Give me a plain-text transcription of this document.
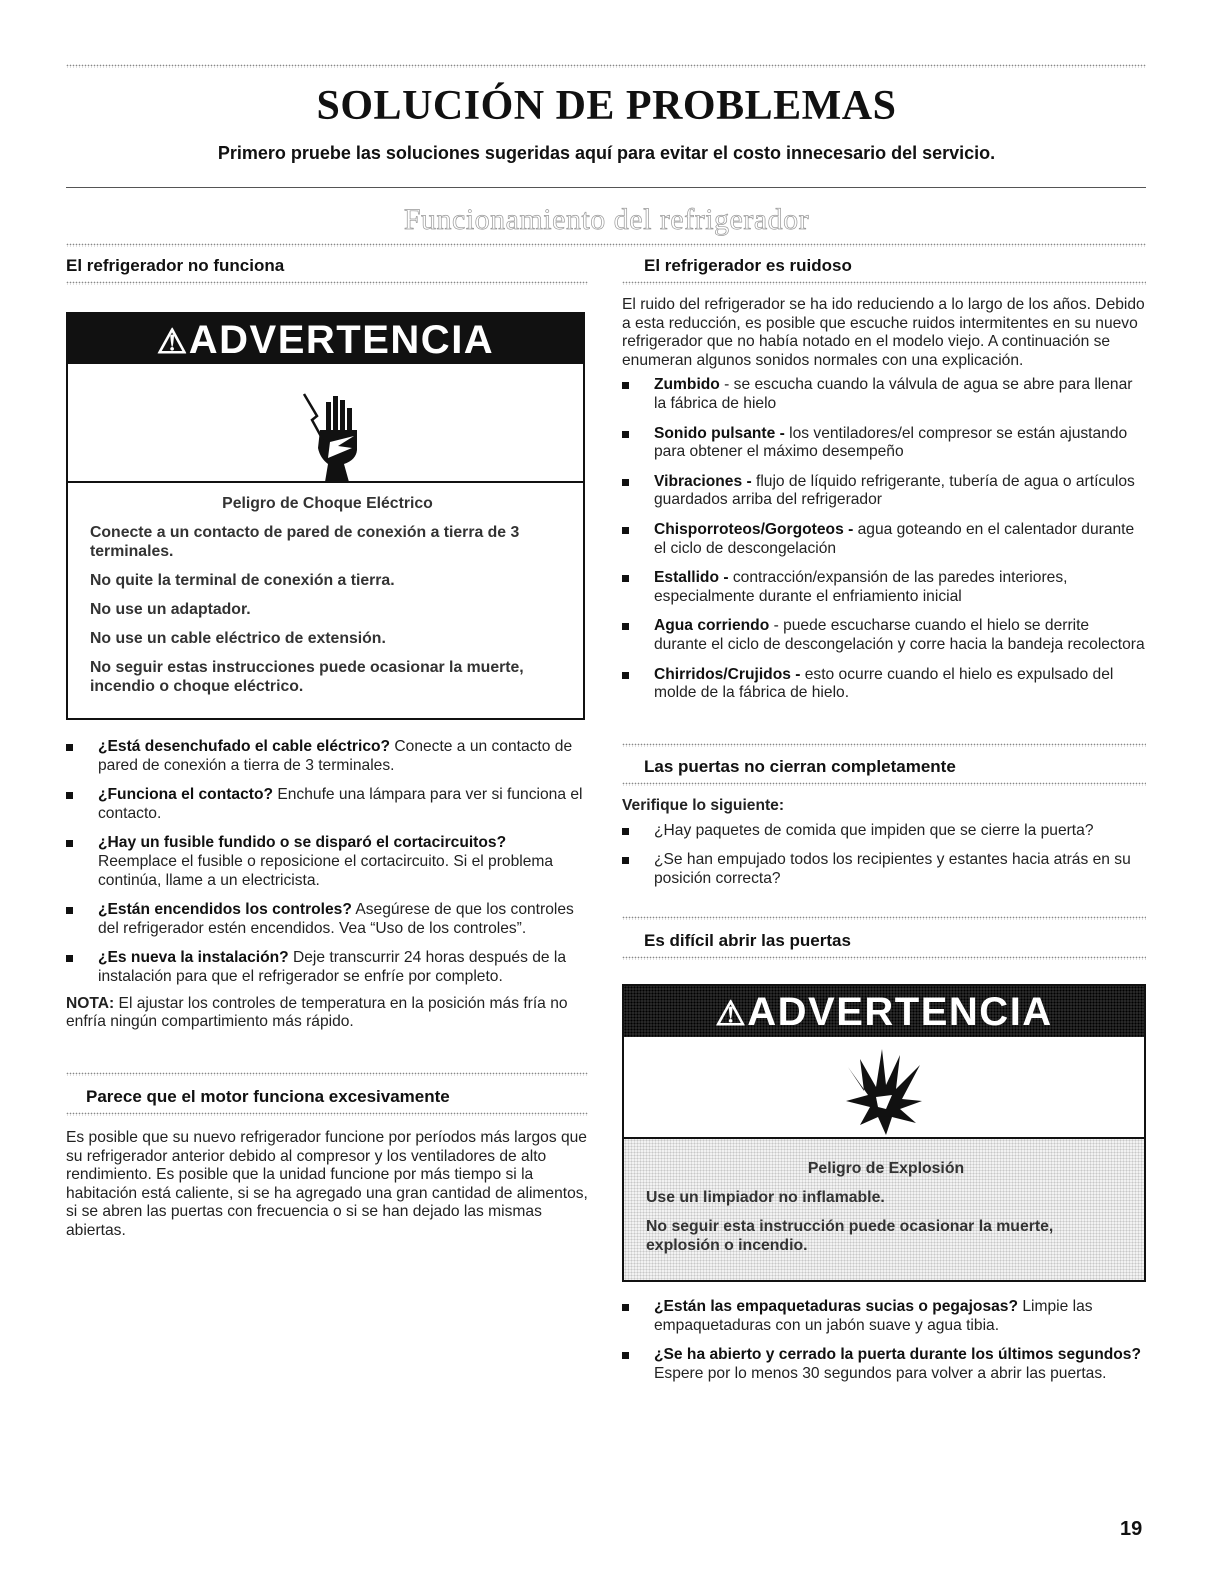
SOLUCIÓN DE PROBLEMAS
Primero pruebe las soluciones sugeridas aquí para evitar el costo innecesario del servicio.
Funcionamiento del refrigerador
El refrigerador no funciona
⚠ADVERTENCIA

Peligro de Choque Eléctrico

Conecte a un contacto de pared de conexión a tierra de 3 terminales.

No quite la terminal de conexión a tierra.

No use un adaptador.

No use un cable eléctrico de extensión.

No seguir estas instrucciones puede ocasionar la muerte, incendio o choque eléctrico.

¿Está desenchufado el cable eléctrico? Conecte a un contacto de pared de conexión a tierra de 3 terminales.
¿Funciona el contacto? Enchufe una lámpara para ver si funciona el contacto.
¿Hay un fusible fundido o se disparó el cortacircuitos? Reemplace el fusible o reposicione el cortacircuito. Si el problema continúa, llame a un electricista.
¿Están encendidos los controles? Asegúrese de que los controles del refrigerador estén encendidos. Vea “Uso de los controles”.
¿Es nueva la instalación? Deje transcurrir 24 horas después de la instalación para que el refrigerador se enfríe por completo.

NOTA: El ajustar los controles de temperatura en la posición más fría no enfría ningún compartimiento más rápido.

Parece que el motor funciona excesivamente

Es posible que su nuevo refrigerador funcione por períodos más largos que su refrigerador anterior debido al compresor y los ventiladores de alto rendimiento. Es posible que la unidad funcione por más tiempo si la habitación está caliente, si se ha agregado una gran cantidad de alimentos, si se abren las puertas con frecuencia o si se han dejado las mismas abiertas.

El refrigerador es ruidoso

El ruido del refrigerador se ha ido reduciendo a lo largo de los años. Debido a esta reducción, es posible que escuche ruidos intermitentes en su nuevo refrigerador que no había notado en el modelo viejo. A continuación se enumeran algunos sonidos normales con una explicación.

Zumbido - se escucha cuando la válvula de agua se abre para llenar la fábrica de hielo
Sonido pulsante - los ventiladores/el compresor se están ajustando para obtener el máximo desempeño
Vibraciones - flujo de líquido refrigerante, tubería de agua o artículos guardados arriba del refrigerador
Chisporroteos/Gorgoteos - agua goteando en el calentador durante el ciclo de descongelación
Estallido - contracción/expansión de las paredes interiores, especialmente durante el enfriamiento inicial
Agua corriendo - puede escucharse cuando el hielo se derrite durante el ciclo de descongelación y corre hacia la bandeja recolectora
Chirridos/Crujidos - esto ocurre cuando el hielo es expulsado del molde de la fábrica de hielo.
Las puertas no cierran completamente

Verifique lo siguiente:

¿Hay paquetes de comida que impiden que se cierre la puerta?
¿Se han empujado todos los recipientes y estantes hacia atrás en su posición correcta?
Es difícil abrir las puertas
⚠ADVERTENCIA

Peligro de Explosión

Use un limpiador no inflamable.

No seguir esta instrucción puede ocasionar la muerte, explosión o incendio.

¿Están las empaquetaduras sucias o pegajosas? Limpie las empaquetaduras con un jabón suave y agua tibia.
¿Se ha abierto y cerrado la puerta durante los últimos segundos? Espere por lo menos 30 segundos para volver a abrir las puertas.
19
